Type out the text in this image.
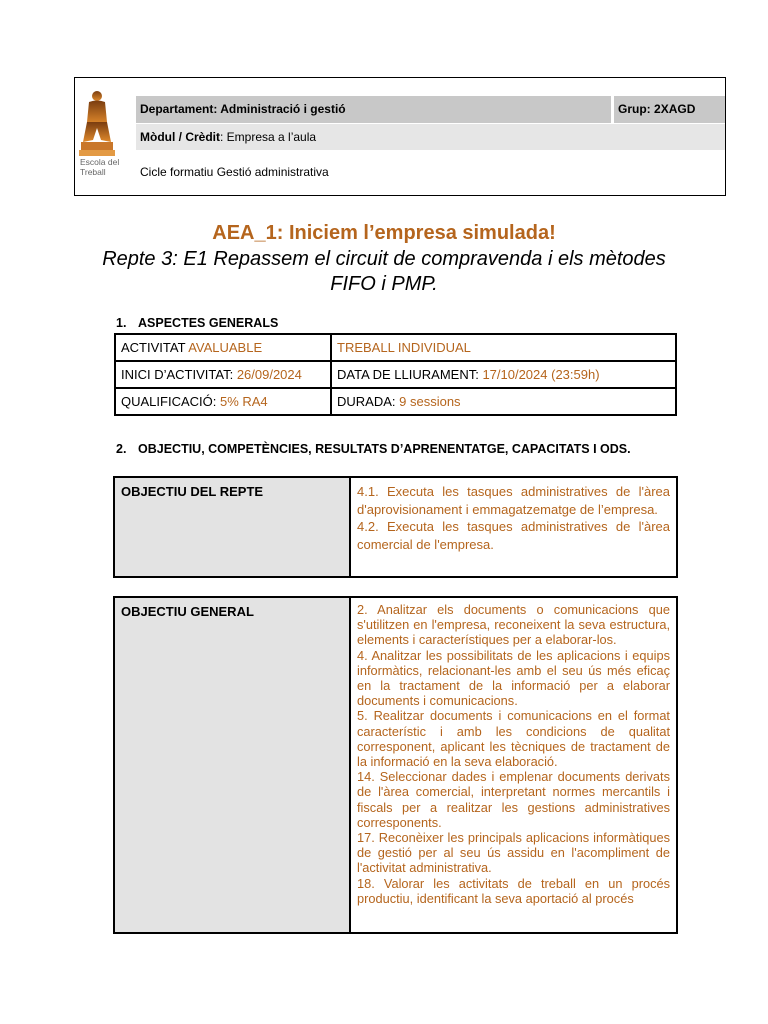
Escola del
Treball
Departament: Administració i gestió	Grup: 2XAGD
Mòdul / Crèdit: Empresa a l’aula
Cicle formatiu Gestió administrativa
AEA_1: Iniciem l’empresa simulada!
Repte 3: E1 Repassem el circuit de compravenda i els mètodes FIFO i PMP.
1. ASPECTES GENERALS
ACTIVITAT AVALUABLE	TREBALL INDIVIDUAL
INICI D’ACTIVITAT: 26/09/2024	DATA DE LLIURAMENT: 17/10/2024 (23:59h)
QUALIFICACIÓ: 5% RA4	DURADA: 9 sessions
2. OBJECTIU, COMPETÈNCIES, RESULTATS D’APRENENTATGE, CAPACITATS I ODS.
OBJECTIU DEL REPTE	4.1. Executa les tasques administratives de l'àrea d'aprovisionament i emmagatzematge de l’empresa.

4.2. Executa les tasques administratives de l'àrea comercial de l'empresa.

OBJECTIU GENERAL	2. Analitzar els documents o comunicacions que s'utilitzen en l'empresa, reconeixent la seva estructura, elements i característiques per a elaborar-los.

4. Analitzar les possibilitats de les aplicacions i equips informàtics, relacionant-les amb el seu ús més eficaç en la tractament de la informació per a elaborar documents i comunicacions.

5. Realitzar documents i comunicacions en el format característic i amb les condicions de qualitat corresponent, aplicant les tècniques de tractament de la informació en la seva elaboració.

14. Seleccionar dades i emplenar documents derivats de l'àrea comercial, interpretant normes mercantils i fiscals per a realitzar les gestions administratives corresponents.

17. Reconèixer les principals aplicacions informàtiques de gestió per al seu ús assidu en l'acompliment de l'activitat administrativa.

18. Valorar les activitats de treball en un procés productiu, identificant la seva aportació al procés
